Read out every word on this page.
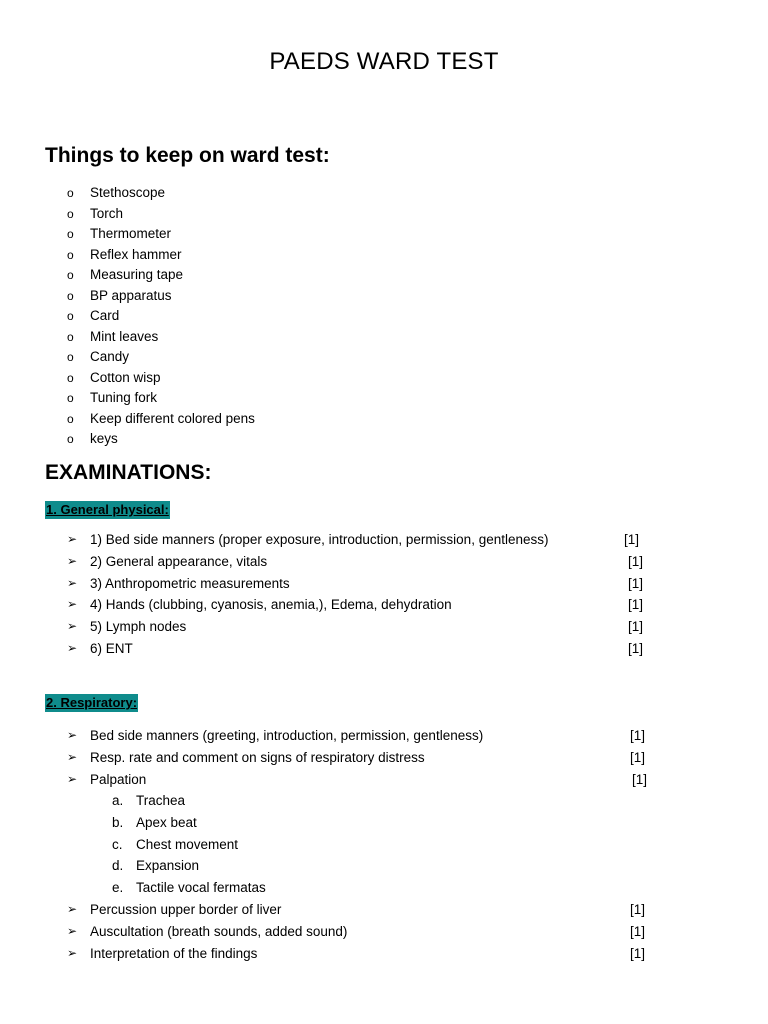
PAEDS WARD TEST
Things to keep on ward test:
o Stethoscope
o Torch
o Thermometer
o Reflex hammer
o Measuring tape
o BP apparatus
o Card
o Mint leaves
o Candy
o Cotton wisp
o Tuning fork
o Keep different colored pens
o keys
EXAMINATIONS:
1. General physical:
➢ 1) Bed side manners (proper exposure, introduction, permission, gentleness)	[1]
➢ 2) General appearance, vitals	[1]
➢ 3) Anthropometric measurements	[1]
➢ 4) Hands (clubbing, cyanosis, anemia,), Edema, dehydration	[1]
➢ 5) Lymph nodes	[1]
➢ 6) ENT	[1]
2. Respiratory:
➢ Bed side manners (greeting, introduction, permission, gentleness)	[1]
➢ Resp. rate and comment on signs of respiratory distress	[1]
➢ Palpation	[1]
a. Trachea
b. Apex beat
c. Chest movement
d. Expansion
e. Tactile vocal fermatas
➢ Percussion upper border of liver	[1]
➢ Auscultation (breath sounds, added sound)	[1]
➢ Interpretation of the findings	[1]
